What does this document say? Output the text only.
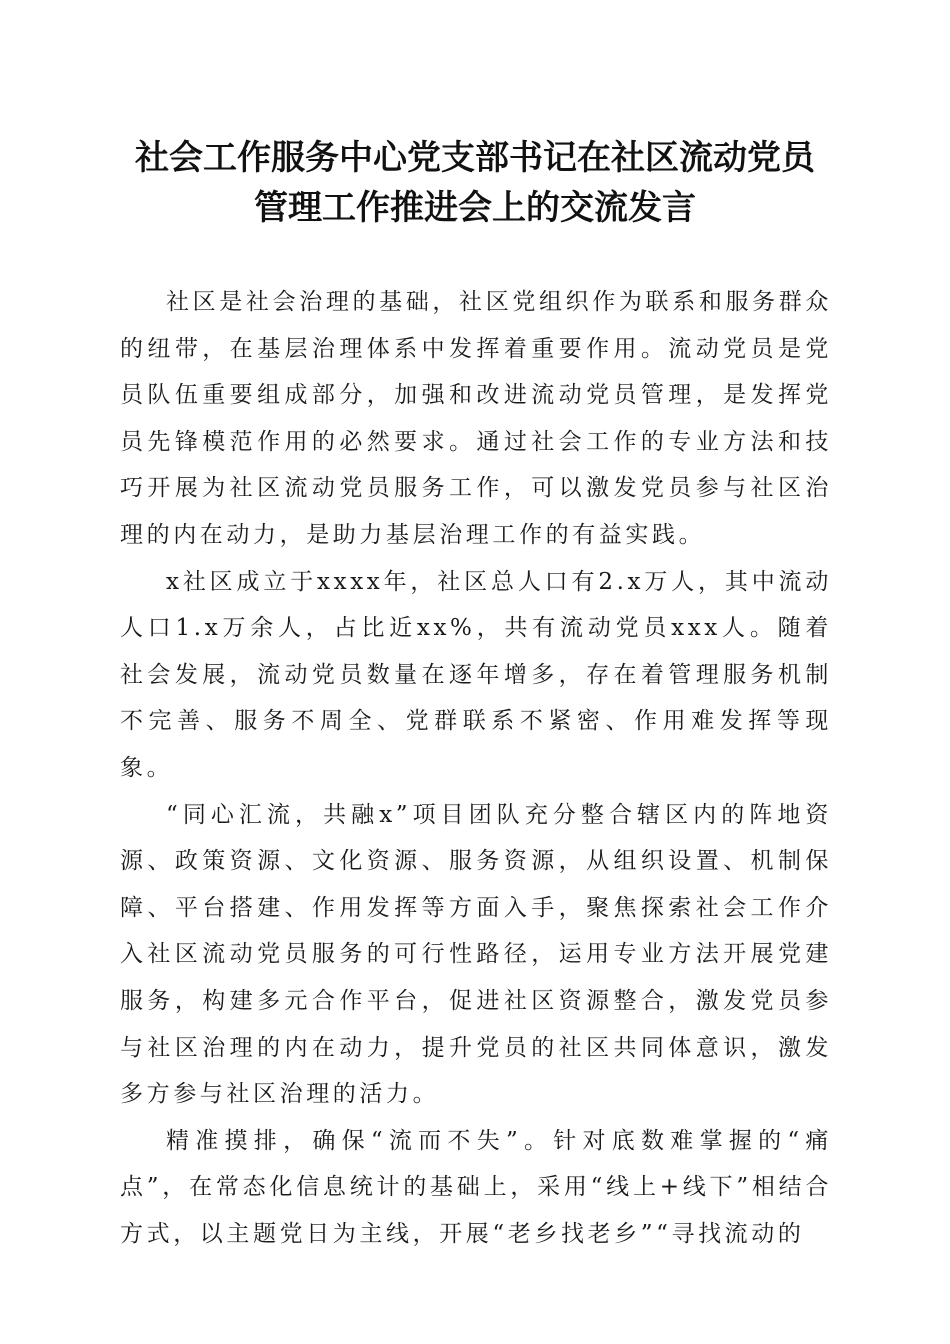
社会工作服务中心党支部书记在社区流动党员
管理工作推进会上的交流发言

社区是社会治理的基础，社区党组织作为联系和服务群众的纽带，在基层治理体系中发挥着重要作用。流动党员是党员队伍重要组成部分，加强和改进流动党员管理，是发挥党员先锋模范作用的必然要求。通过社会工作的专业方法和技巧开展为社区流动党员服务工作，可以激发党员参与社区治理的内在动力，是助力基层治理工作的有益实践。

x社区成立于xxxx年，社区总人口有2.x万人，其中流动人口1.x万余人，占比近xx%，共有流动党员xxx人。随着社会发展，流动党员数量在逐年增多，存在着管理服务机制不完善、服务不周全、党群联系不紧密、作用难发挥等现象。

“同心汇流，共融x”项目团队充分整合辖区内的阵地资源、政策资源、文化资源、服务资源，从组织设置、机制保障、平台搭建、作用发挥等方面入手，聚焦探索社会工作介入社区流动党员服务的可行性路径，运用专业方法开展党建服务，构建多元合作平台，促进社区资源整合，激发党员参与社区治理的内在动力，提升党员的社区共同体意识，激发多方参与社区治理的活力。

精准摸排，确保“流而不失”。针对底数难掌握的“痛点”，在常态化信息统计的基础上，采用“线上+线下”相结合方式，以主题党日为主线，开展“老乡找老乡”“寻找流动的
